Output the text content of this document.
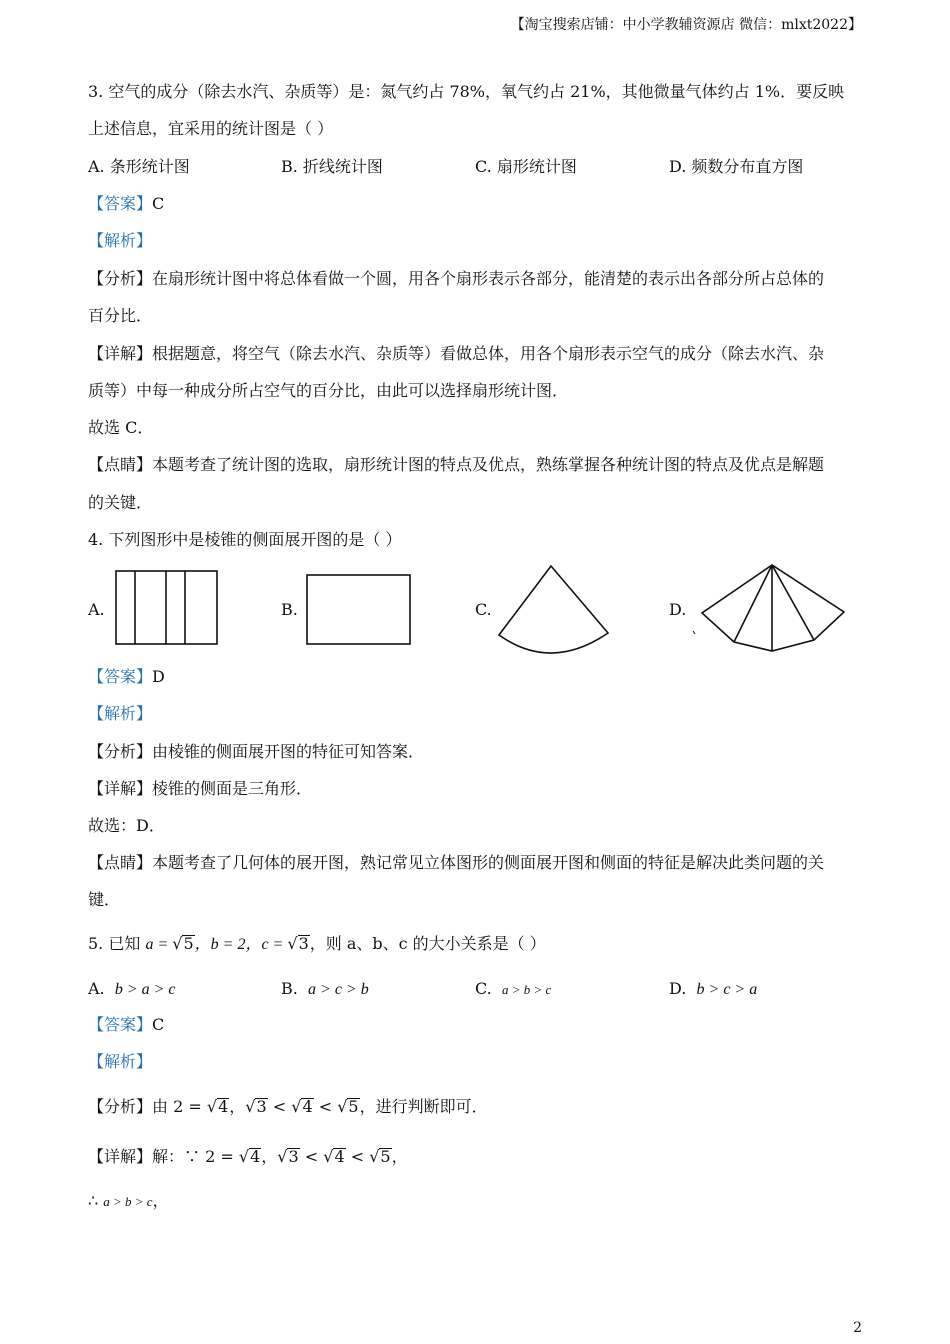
【淘宝搜索店铺：中小学教辅资源店 微信：mlxt2022】
3. 空气的成分（除去水汽、杂质等）是：氮气约占 78%，氧气约占 21%，其他微量气体约占 1%．要反映
上述信息，宜采用的统计图是（ ）
A. 条形统计图	B. 折线统计图	C. 扇形统计图	D. 频数分布直方图
【答案】C
【解析】
【分析】在扇形统计图中将总体看做一个圆，用各个扇形表示各部分，能清楚的表示出各部分所占总体的
百分比．
【详解】根据题意，将空气（除去水汽、杂质等）看做总体，用各个扇形表示空气的成分（除去水汽、杂
质等）中每一种成分所占空气的百分比，由此可以选择扇形统计图．
故选 C．
【点睛】本题考查了统计图的选取，扇形统计图的特点及优点，熟练掌握各种统计图的特点及优点是解题
的关键．
4. 下列图形中是棱锥的侧面展开图的是（ ）
A.	B.	C.	D.
【答案】D
【解析】
【分析】由棱锥的侧面展开图的特征可知答案．
【详解】棱锥的侧面是三角形．
故选：D．
【点睛】本题考查了几何体的展开图，熟记常见立体图形的侧面展开图和侧面的特征是解决此类问题的关
键．
5. 已知 a = √5，b = 2，c = √3，则 a、b、c 的大小关系是（ ）
A. b > a > c	B. a > c > b	C. a > b > c	D. b > c > a
【答案】C
【解析】
【分析】由 2 = √4，√3 < √4 < √5，进行判断即可．
【详解】解：∵ 2 = √4，√3 < √4 < √5，
∴ a > b > c，
2
